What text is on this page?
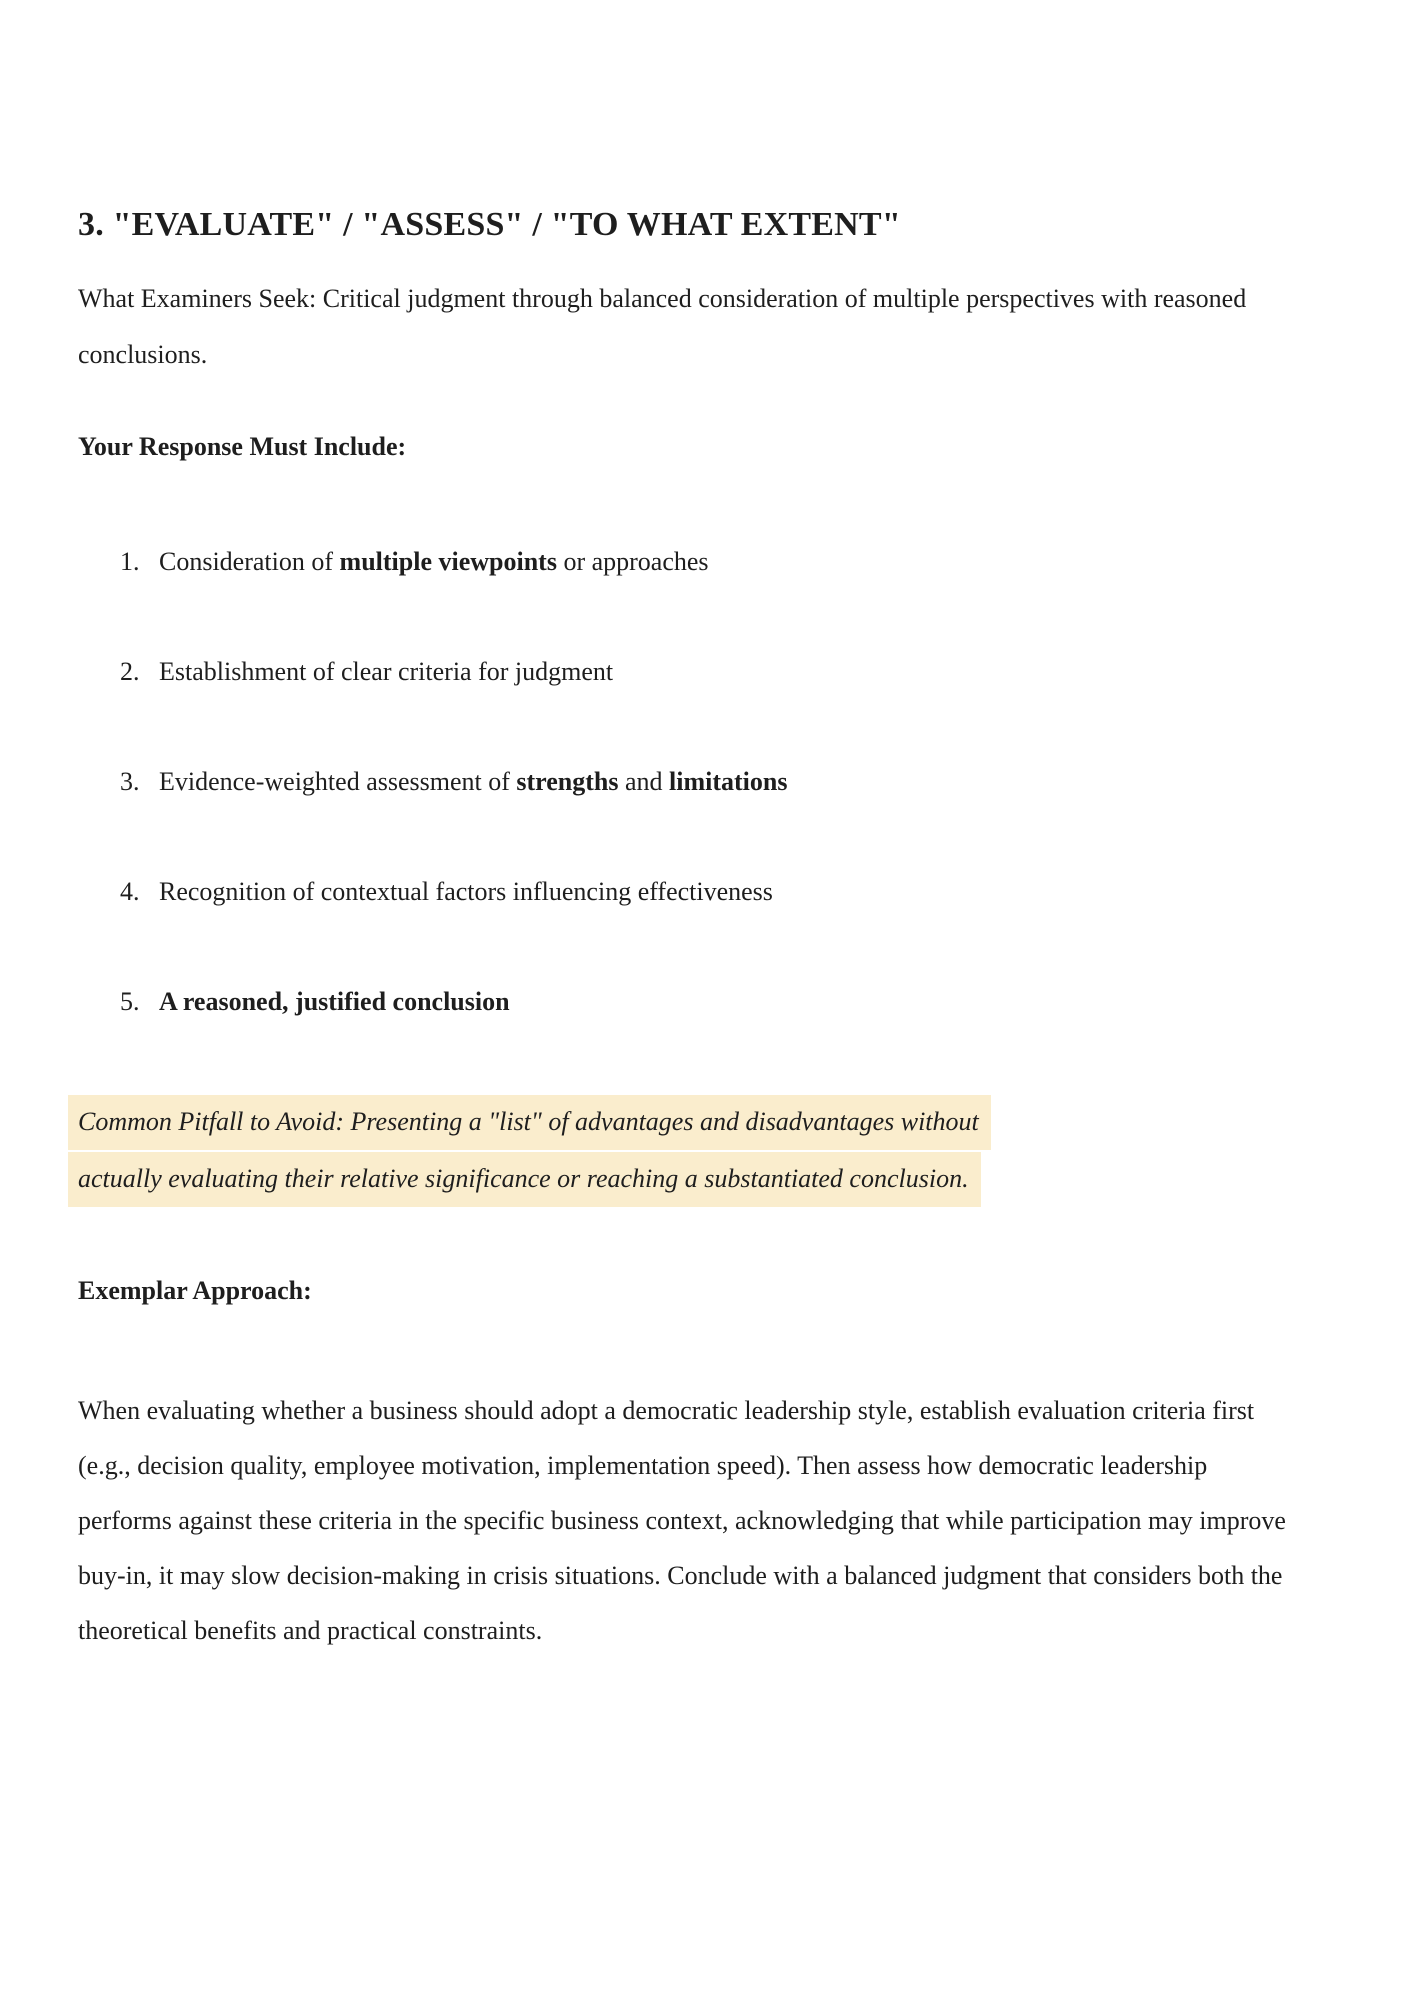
3. "EVALUATE" / "ASSESS" / "TO WHAT EXTENT"

What Examiners Seek: Critical judgment through balanced consideration of multiple perspectives with reasoned conclusions.

Your Response Must Include:
1. Consideration of multiple viewpoints or approaches
2. Establishment of clear criteria for judgment
3. Evidence-weighted assessment of strengths and limitations
4. Recognition of contextual factors influencing effectiveness
5. A reasoned, justified conclusion

Common Pitfall to Avoid: Presenting a "list" of advantages and disadvantages without actually evaluating their relative significance or reaching a substantiated conclusion.

Exemplar Approach:

When evaluating whether a business should adopt a democratic leadership style, establish evaluation criteria first (e.g., decision quality, employee motivation, implementation speed). Then assess how democratic leadership performs against these criteria in the specific business context, acknowledging that while participation may improve buy-in, it may slow decision-making in crisis situations. Conclude with a balanced judgment that considers both the theoretical benefits and practical constraints.
